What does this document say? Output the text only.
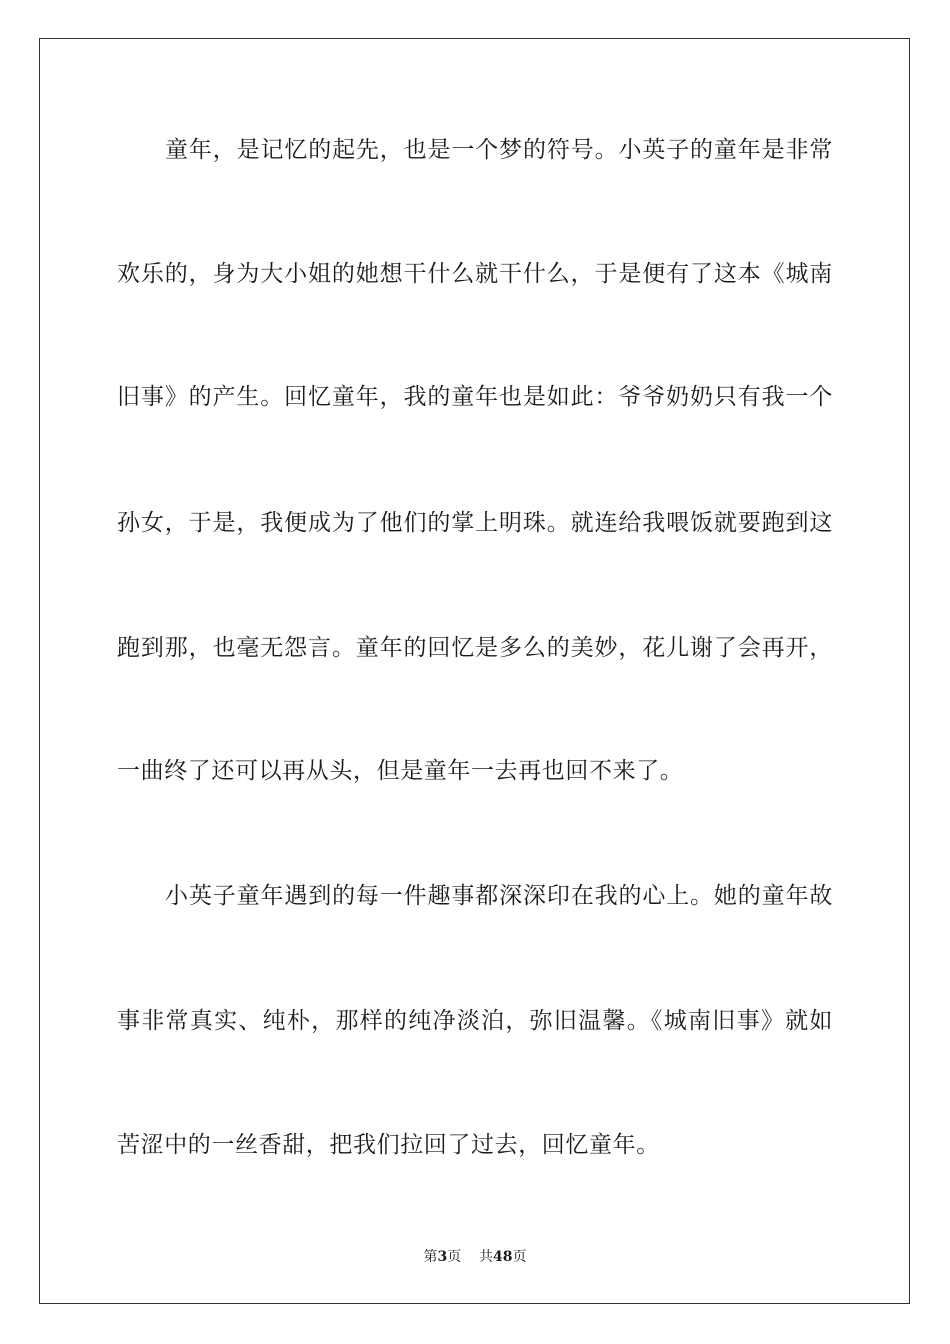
童年，是记忆的起先，也是一个梦的符号。小英子的童年是非常

欢乐的，身为大小姐的她想干什么就干什么，于是便有了这本《城南

旧事》的产生。回忆童年，我的童年也是如此：爷爷奶奶只有我一个

孙女，于是，我便成为了他们的掌上明珠。就连给我喂饭就要跑到这

跑到那，也毫无怨言。童年的回忆是多么的美妙，花儿谢了会再开，

一曲终了还可以再从头，但是童年一去再也回不来了。

小英子童年遇到的每一件趣事都深深印在我的心上。她的童年故

事非常真实、纯朴，那样的纯净淡泊，弥旧温馨。《城南旧事》就如

苦涩中的一丝香甜，把我们拉回了过去，回忆童年。

第3页 共48页
